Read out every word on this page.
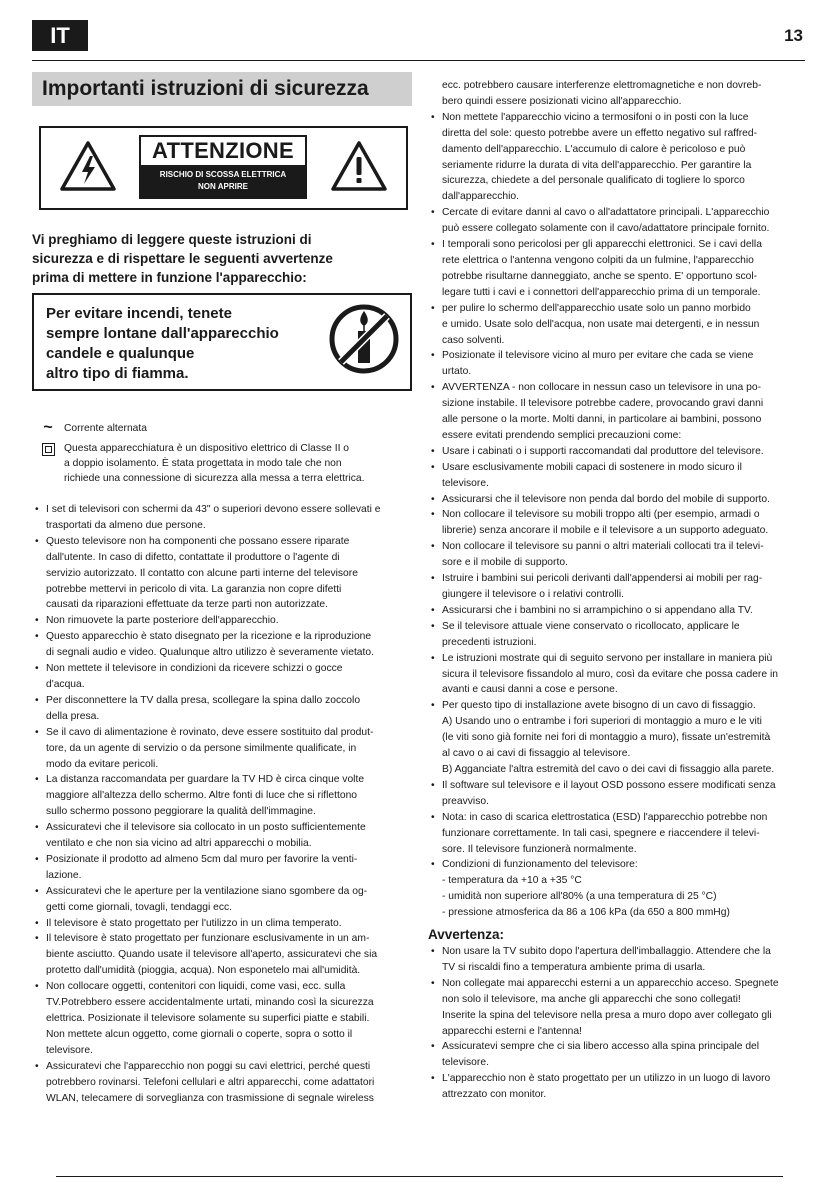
IT	13
Importanti istruzioni di sicurezza
ATTENZIONE
RISCHIO DI SCOSSA ELETTRICA
NON APRIRE
Vi preghiamo di leggere queste istruzioni di
sicurezza e di rispettare le seguenti avvertenze
prima di mettere in funzione l'apparecchio:
Per evitare incendi, tenete
sempre lontane dall'apparecchio
candele e qualunque
altro tipo di fiamma.
~ Corrente alternata
Questa apparecchiatura è un dispositivo elettrico di Classe II o
a doppio isolamento. È stata progettata in modo tale che non
richiede una connessione di sicurezza alla messa a terra elettrica.
• I set di televisori con schermi da 43" o superiori devono essere sollevati e
trasportati da almeno due persone.
• Questo televisore non ha componenti che possano essere riparate
dall'utente. In caso di difetto, contattate il produttore o l'agente di
servizio autorizzato. Il contatto con alcune parti interne del televisore
potrebbe mettervi in pericolo di vita. La garanzia non copre difetti
causati da riparazioni effettuate da terze parti non autorizzate.
• Non rimuovete la parte posteriore dell'apparecchio.
• Questo apparecchio è stato disegnato per la ricezione e la riproduzione
di segnali audio e video. Qualunque altro utilizzo è severamente vietato.
• Non mettete il televisore in condizioni da ricevere schizzi o gocce
d'acqua.
• Per disconnettere la TV dalla presa, scollegare la spina dallo zoccolo
della presa.
• Se il cavo di alimentazione è rovinato, deve essere sostituito dal produt-
tore, da un agente di servizio o da persone similmente qualificate, in
modo da evitare pericoli.
• La distanza raccomandata per guardare la TV HD è circa cinque volte
maggiore all'altezza dello schermo. Altre fonti di luce che si riflettono
sullo schermo possono peggiorare la qualità dell'immagine.
• Assicuratevi che il televisore sia collocato in un posto sufficientemente
ventilato e che non sia vicino ad altri apparecchi o mobilia.
• Posizionate il prodotto ad almeno 5cm dal muro per favorire la venti-
lazione.
• Assicuratevi che le aperture per la ventilazione siano sgombere da og-
getti come giornali, tovagli, tendaggi ecc.
• Il televisore è stato progettato per l'utilizzo in un clima temperato.
• Il televisore è stato progettato per funzionare esclusivamente in un am-
biente asciutto. Quando usate il televisore all'aperto, assicuratevi che sia
protetto dall'umidità (pioggia, acqua). Non esponetelo mai all'umidità.
• Non collocare oggetti, contenitori con liquidi, come vasi, ecc. sulla
TV.Potrebbero essere accidentalmente urtati, minando così la sicurezza
elettrica. Posizionate il televisore solamente su superfici piatte e stabili.
Non mettete alcun oggetto, come giornali o coperte, sopra o sotto il
televisore.
• Assicuratevi che l'apparecchio non poggi su cavi elettrici, perché questi
potrebbero rovinarsi. Telefoni cellulari e altri apparecchi, come adattatori
WLAN, telecamere di sorveglianza con trasmissione di segnale wireless
ecc. potrebbero causare interferenze elettromagnetiche e non dovreb-
bero quindi essere posizionati vicino all'apparecchio.
• Non mettete l'apparecchio vicino a termosifoni o in posti con la luce
diretta del sole: questo potrebbe avere un effetto negativo sul raffred-
damento dell'apparecchio. L'accumulo di calore è pericoloso e può
seriamente ridurre la durata di vita dell'apparecchio. Per garantire la
sicurezza, chiedete a del personale qualificato di togliere lo sporco
dall'apparecchio.
• Cercate di evitare danni al cavo o all'adattatore principali. L'apparecchio
può essere collegato solamente con il cavo/adattatore principale fornito.
• I temporali sono pericolosi per gli apparecchi elettronici. Se i cavi della
rete elettrica o l'antenna vengono colpiti da un fulmine, l'apparecchio
potrebbe risultarne danneggiato, anche se spento. E' opportuno scol-
legare tutti i cavi e i connettori dell'apparecchio prima di un temporale.
• per pulire lo schermo dell'apparecchio usate solo un panno morbido
e umido. Usate solo dell'acqua, non usate mai detergenti, e in nessun
caso solventi.
• Posizionate il televisore vicino al muro per evitare che cada se viene
urtato.
• AVVERTENZA - non collocare in nessun caso un televisore in una po-
sizione instabile. Il televisore potrebbe cadere, provocando gravi danni
alle persone o la morte. Molti danni, in particolare ai bambini, possono
essere evitati prendendo semplici precauzioni come:
• Usare i cabinati o i supporti raccomandati dal produttore del televisore.
• Usare esclusivamente mobili capaci di sostenere in modo sicuro il
televisore.
• Assicurarsi che il televisore non penda dal bordo del mobile di supporto.
• Non collocare il televisore su mobili troppo alti (per esempio, armadi o
librerie) senza ancorare il mobile e il televisore a un supporto adeguato.
• Non collocare il televisore su panni o altri materiali collocati tra il televi-
sore e il mobile di supporto.
• Istruire i bambini sui pericoli derivanti dall'appendersi ai mobili per rag-
giungere il televisore o i relativi controlli.
• Assicurarsi che i bambini no si arrampichino o si appendano alla TV.
• Se il televisore attuale viene conservato o ricollocato, applicare le
precedenti istruzioni.
• Le istruzioni mostrate qui di seguito servono per installare in maniera più
sicura il televisore fissandolo al muro, così da evitare che possa cadere in
avanti e causi danni a cose e persone.
• Per questo tipo di installazione avete bisogno di un cavo di fissaggio.
A) Usando uno o entrambe i fori superiori di montaggio a muro e le viti
(le viti sono già fornite nei fori di montaggio a muro), fissate un'estremità
al cavo o ai cavi di fissaggio al televisore.
B) Agganciate l'altra estremità del cavo o dei cavi di fissaggio alla parete.
• Il software sul televisore e il layout OSD possono essere modificati senza
preavviso.
• Nota: in caso di scarica elettrostatica (ESD) l'apparecchio potrebbe non
funzionare correttamente. In tali casi, spegnere e riaccendere il televi-
sore. Il televisore funzionerà normalmente.
• Condizioni di funzionamento del televisore:
- temperatura da +10 a +35 °C
- umidità non superiore all'80% (a una temperatura di 25 °C)
- pressione atmosferica da 86 a 106 kPa (da 650 a 800 mmHg)
Avvertenza:
• Non usare la TV subito dopo l'apertura dell'imballaggio. Attendere che la
TV si riscaldi fino a temperatura ambiente prima di usarla.
• Non collegate mai apparecchi esterni a un apparecchio acceso. Spegnete
non solo il televisore, ma anche gli apparecchi che sono collegati!
Inserite la spina del televisore nella presa a muro dopo aver collegato gli
apparecchi esterni e l'antenna!
• Assicuratevi sempre che ci sia libero accesso alla spina principale del
televisore.
• L'apparecchio non è stato progettato per un utilizzo in un luogo di lavoro
attrezzato con monitor.
